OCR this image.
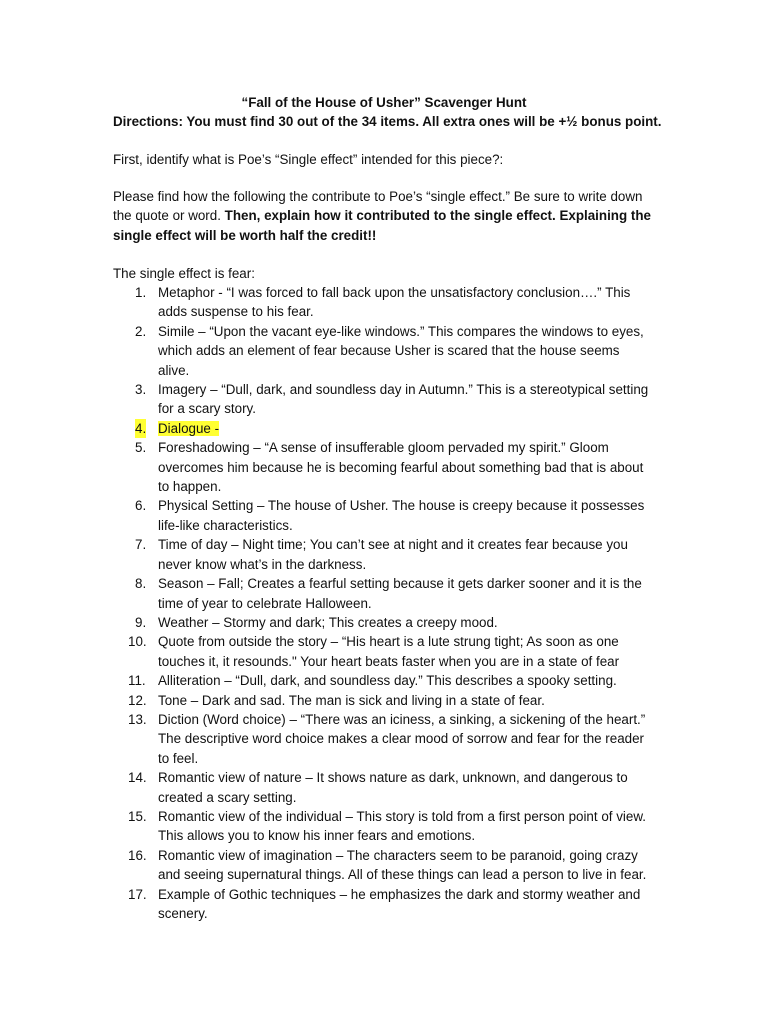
“Fall of the House of Usher” Scavenger Hunt
Directions: You must find 30 out of the 34 items. All extra ones will be +½ bonus point.
First, identify what is Poe’s “Single effect” intended for this piece?:
Please find how the following the contribute to Poe’s “single effect.” Be sure to write down the quote or word. Then, explain how it contributed to the single effect. Explaining the single effect will be worth half the credit!!
The single effect is fear:
1. Metaphor - “I was forced to fall back upon the unsatisfactory conclusion….” This adds suspense to his fear.
2. Simile – “Upon the vacant eye-like windows.” This compares the windows to eyes, which adds an element of fear because Usher is scared that the house seems alive.
3. Imagery – “Dull, dark, and soundless day in Autumn.” This is a stereotypical setting for a scary story.
4. Dialogue -
5. Foreshadowing – “A sense of insufferable gloom pervaded my spirit.” Gloom overcomes him because he is becoming fearful about something bad that is about to happen.
6. Physical Setting – The house of Usher. The house is creepy because it possesses life-like characteristics.
7. Time of day – Night time; You can’t see at night and it creates fear because you never know what’s in the darkness.
8. Season – Fall; Creates a fearful setting because it gets darker sooner and it is the time of year to celebrate Halloween.
9. Weather – Stormy and dark; This creates a creepy mood.
10. Quote from outside the story – “His heart is a lute strung tight; As soon as one touches it, it resounds." Your heart beats faster when you are in a state of fear
11. Alliteration – “Dull, dark, and soundless day.” This describes a spooky setting.
12. Tone – Dark and sad. The man is sick and living in a state of fear.
13. Diction (Word choice) – “There was an iciness, a sinking, a sickening of the heart.” The descriptive word choice makes a clear mood of sorrow and fear for the reader to feel.
14. Romantic view of nature – It shows nature as dark, unknown, and dangerous to created a scary setting.
15. Romantic view of the individual – This story is told from a first person point of view. This allows you to know his inner fears and emotions.
16. Romantic view of imagination – The characters seem to be paranoid, going crazy and seeing supernatural things. All of these things can lead a person to live in fear.
17. Example of Gothic techniques – he emphasizes the dark and stormy weather and scenery.
